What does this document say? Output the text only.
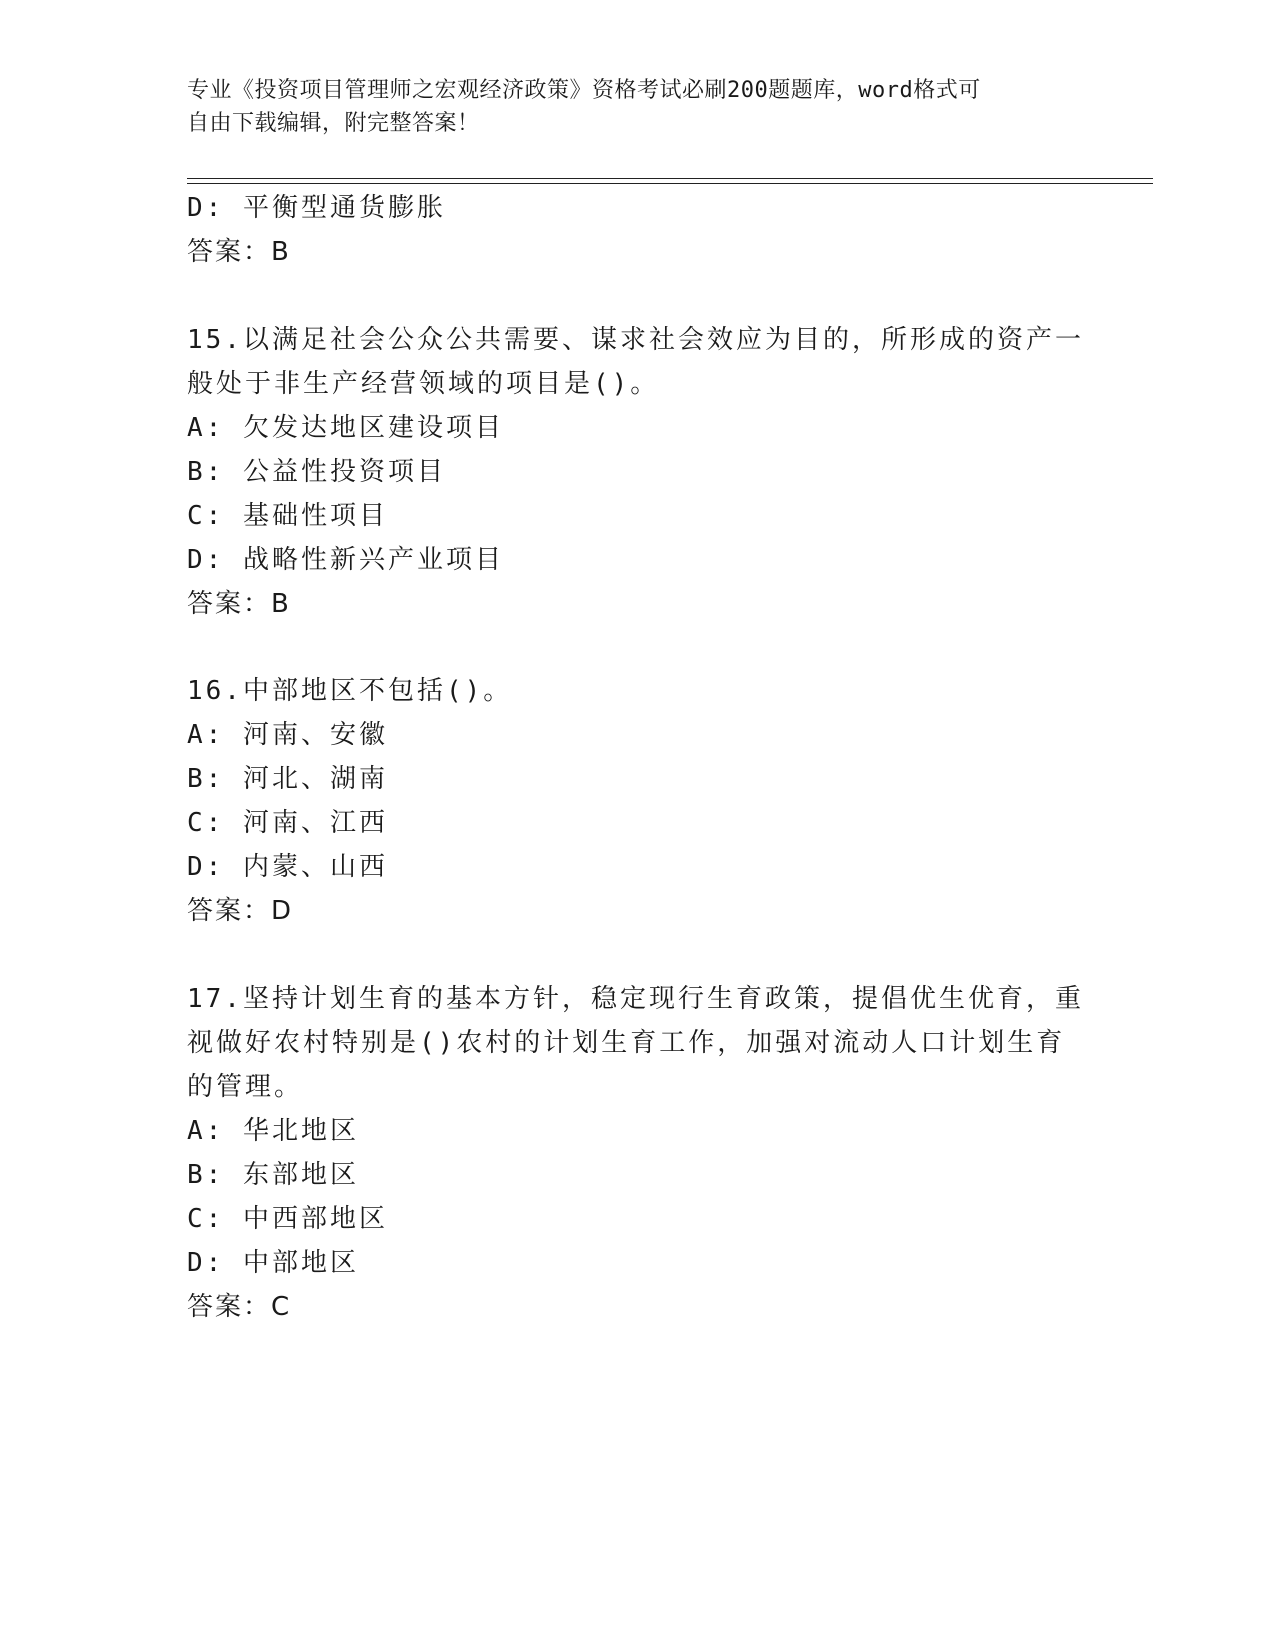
专业《投资项目管理师之宏观经济政策》资格考试必刷200题题库，word格式可
自由下载编辑，附完整答案！
D: 平衡型通货膨胀
答案：B
15.以满足社会公众公共需要、谋求社会效应为目的，所形成的资产一
般处于非生产经营领域的项目是()。
A: 欠发达地区建设项目
B: 公益性投资项目
C: 基础性项目
D: 战略性新兴产业项目
答案：B
16.中部地区不包括()。
A: 河南、安徽
B: 河北、湖南
C: 河南、江西
D: 内蒙、山西
答案：D
17.坚持计划生育的基本方针，稳定现行生育政策，提倡优生优育，重
视做好农村特别是()农村的计划生育工作，加强对流动人口计划生育
的管理。
A: 华北地区
B: 东部地区
C: 中西部地区
D: 中部地区
答案：C
